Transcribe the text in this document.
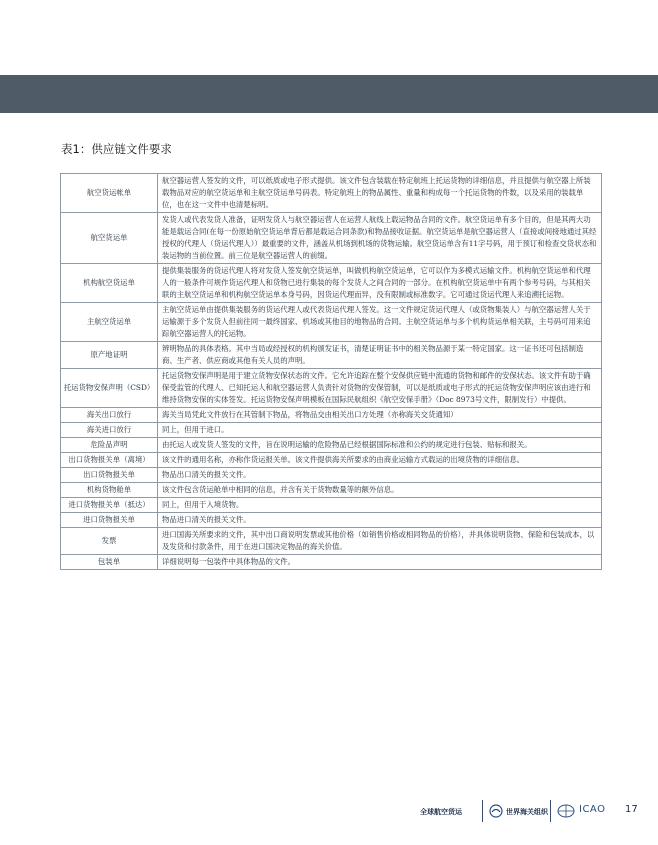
表1：供应链文件要求
航空货运帐单	航空器运营人签发的文件，可以纸质或电子形式提供。该文件包含装载在特定航班上托运货物的详细信息，并且提供与航空器上所装载物品对应的航空货运单和主航空货运单号码表。特定航班上的物品属性、重量和构成每一个托运货物的件数，以及采用的装载单位，也在这一文件中也清楚标明。
航空货运单	发货人或代表发货人准备，证明发货人与航空器运营人在运营人航线上载运物品合同的文件。航空货运单有多个目的，但是其两大功能是载运合同(在每一份原始航空货运单背后都是载运合同条款)和物品接收证据。航空货运单是航空器运营人（直接或间接地通过其经授权的代理人（货运代理人））最重要的文件，涵盖从机场到机场的货物运输。航空货运单含有11字号码，用于预订和检查交货状态和装运物的当前位置。前三位是航空器运营人的前缀。
机构航空货运单	提供集装服务的货运代理人将对发货人签发航空货运单，叫做机构航空货运单，它可以作为多模式运输文件。机构航空货运单和代理人的一般条件可规作货运代理人和货物已进行集装的每个发货人之间合同的一部分。在机构航空货运单中有两个参考号码，与其相关联的主航空货运单和机构航空货运单本身号码，因货运代理而异，没有限制或标准数字。它可通过货运代理人来追溯托运物。
主航空货运单	主航空货运单由提供集装服务的货运代理人或代表货运代理人签发。这一文件规定货运代理人（或货物集装人）与航空器运营人关于运输源于多个发货人但前往同一最终国家、机场或其他目的地物品的合同。主航空货运单与多个机构货运单相关联，主号码可用来追踪航空器运营人的托运物。
原产地证明	辨明物品的具体表格。其中当局或经授权的机构颁发证书，清楚证明证书中的相关物品源于某一特定国家。这一证书还可包括制造商、生产者、供应商或其他有关人员的声明。
托运货物安保声明（CSD）	托运货物安保声明是用于建立货物安保状态的文件。它允许追踪在整个安保供应链中流通的货物和邮件的安保状态。该文件有助于确保受监管的代理人、已知托运人和航空器运营人负责针对货物的安保管制，可以是纸质或电子形式的托运货物安保声明应该由进行和维持货物安保的实体签发。托运货物安保声明模板在国际民航组织《航空安保手册》（Doc 8973号文件，限制发行）中提供。
海关出口放行	海关当局凭此文件放行在其管制下物品，将物品交由相关出口方处理（亦称海关交货通知）
海关进口放行	同上，但用于进口。
危险品声明	由托运人或发货人签发的文件，旨在说明运输的危险物品已经根据国际标准和公约的规定进行包装、贴标和报关。
出口货物报关单（离境）	该文件的通用名称，亦称作货运报关单。该文件提供海关所要求的由商业运输方式载运的出境货物的详细信息。
出口货物报关单	物品出口清关的报关文件。
机构货物舱单	该文件包含货运舱单中相同的信息，并含有关于货物数量等的额外信息。
进口货物报关单（抵达）	同上，但用于入境货物。
进口货物报关单	物品进口清关的报关文件。
发票	进口国海关所要求的文件，其中出口商说明发票或其他价格（如销售价格或相同物品的价格），并具体说明货物、保险和包装成本，以及发货和付款条件，用于在进口国决定物品的海关价值。
包装单	详细说明每一包装件中具体物品的文件。
全球航空货运	世界海关组织	ICAO 17
